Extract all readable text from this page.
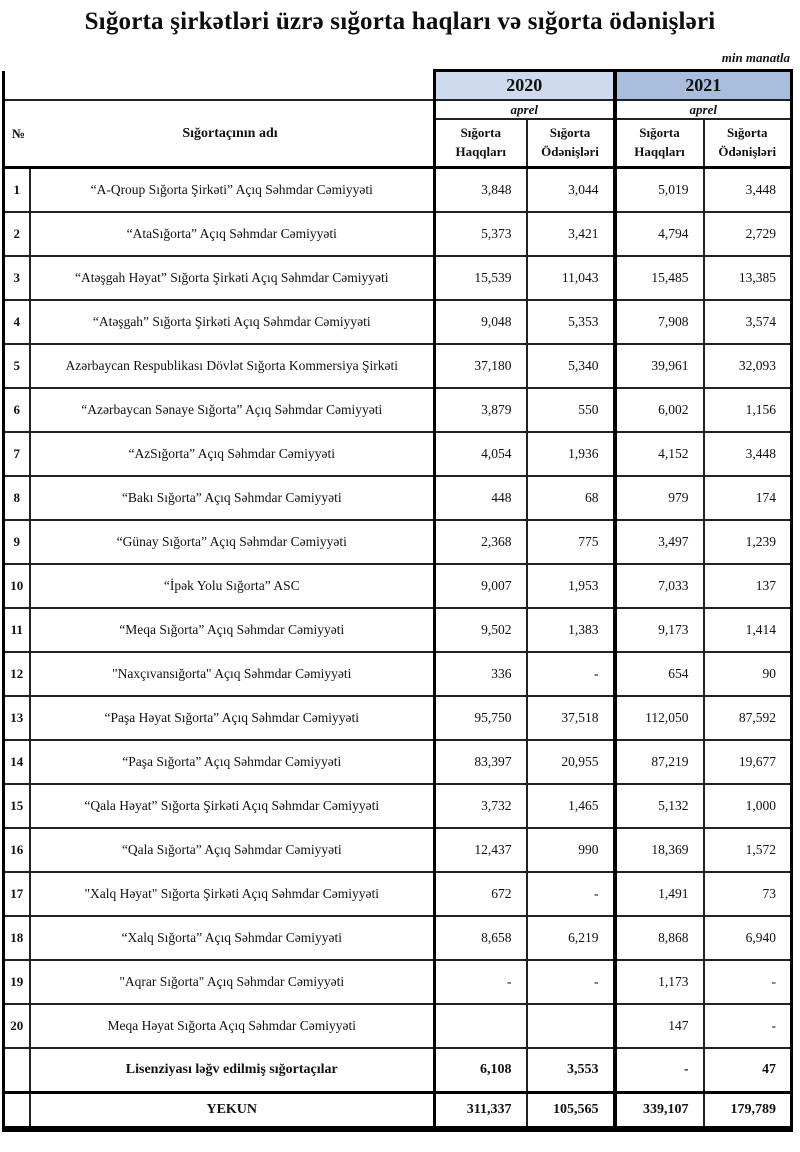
Sığorta şirkətləri üzrə sığorta haqları və sığorta ödənişləri
min manatla
		2020		2021	

№ Sığortaçının adı		aprel		aprel	
		Sığorta Haqqları	Sığorta Ödənişləri	Sığorta Haqqları	Sığorta Ödənişləri
1	“A-Qroup Sığorta Şirkəti” Açıq Səhmdar Cəmiyyəti	3,848	3,044	5,019	3,448
2	“AtaSığorta” Açıq Səhmdar Cəmiyyəti	5,373	3,421	4,794	2,729
3	“Atəşgah Həyat” Sığorta Şirkəti Açıq Səhmdar Cəmiyyəti	15,539	11,043	15,485	13,385
4	“Atəşgah” Sığorta Şirkəti Açıq Səhmdar Cəmiyyəti	9,048	5,353	7,908	3,574
5	Azərbaycan Respublikası Dövlət Sığorta Kommersiya Şirkəti	37,180	5,340	39,961	32,093
6	“Azərbaycan Sənaye Sığorta” Açıq Səhmdar Cəmiyyəti	3,879	550	6,002	1,156
7	“AzSığorta” Açıq Səhmdar Cəmiyyəti	4,054	1,936	4,152	3,448
8	“Bakı Sığorta” Açıq Səhmdar Cəmiyyəti	448	68	979	174
9	“Günay Sığorta” Açıq Səhmdar Cəmiyyəti	2,368	775	3,497	1,239
10	“İpək Yolu Sığorta” ASC	9,007	1,953	7,033	137
11	“Meqa Sığorta” Açıq Səhmdar Cəmiyyəti	9,502	1,383	9,173	1,414
12	"Naxçıvansığorta" Açıq Səhmdar Cəmiyyəti	336	-	654	90
13	“Paşa Həyat Sığorta” Açıq Səhmdar Cəmiyyəti	95,750	37,518	112,050	87,592
14	“Paşa Sığorta” Açıq Səhmdar Cəmiyyəti	83,397	20,955	87,219	19,677
15	“Qala Həyat” Sığorta Şirkəti Açıq Səhmdar Cəmiyyəti	3,732	1,465	5,132	1,000
16	“Qala Sığorta” Açıq Səhmdar Cəmiyyəti	12,437	990	18,369	1,572
17	"Xalq Həyat" Sığorta Şirkəti Açıq Səhmdar Cəmiyyəti	672	-	1,491	73
18	“Xalq Sığorta” Açıq Səhmdar Cəmiyyəti	8,658	6,219	8,868	6,940
19	"Aqrar Sığorta" Açıq Səhmdar Cəmiyyəti	-	-	1,173	-
20	Meqa Həyat Sığorta Açıq Səhmdar Cəmiyyəti			147	-
	Lisenziyası ləğv edilmiş sığortaçılar	6,108	3,553	-	47
	YEKUN	311,337	105,565	339,107	179,789
